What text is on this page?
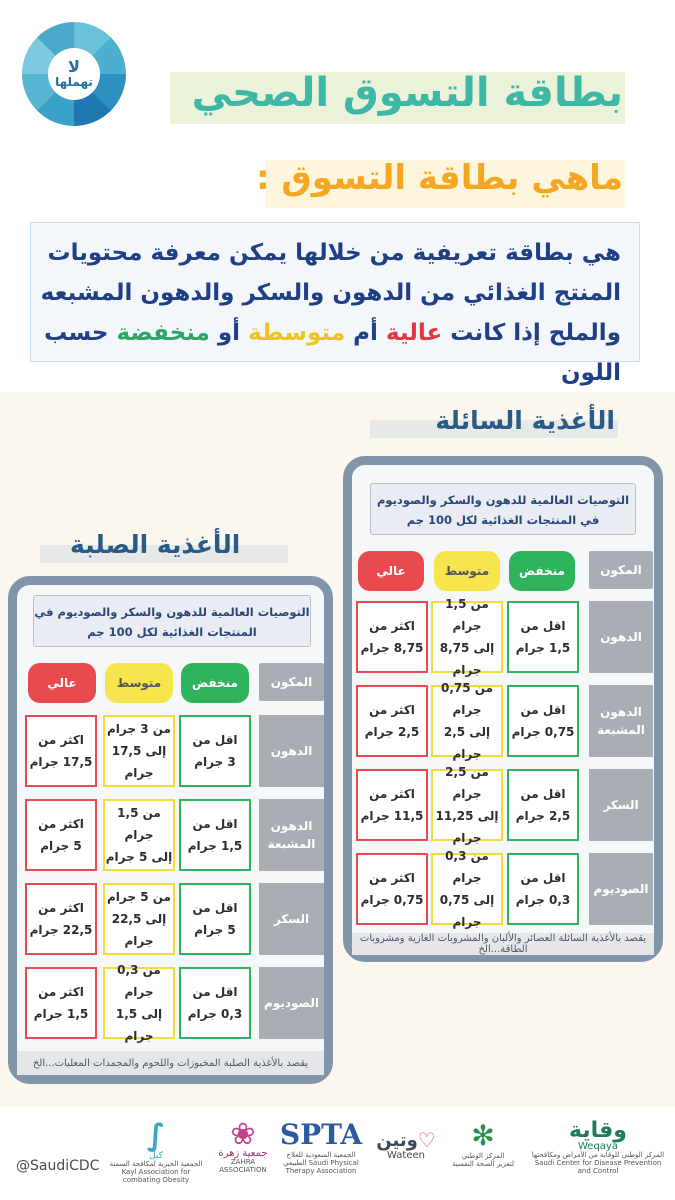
لا
تهملها بطاقة التسوق الصحي
ماهي بطاقة التسوق :

هي بطاقة تعريفية من خلالها يمكن معرفة محتويات المنتج الغذائي من الدهون والسكر والدهون المشبعه والملح إذا كانت عالية أم متوسطة أو منخفضة حسب اللون

الأغذية السائلة
الأغذية الصلبة
التوصيات العالمية للدهون والسكر والصوديوم في المنتجات الغذائية لكل 100 جم
المكون
منخفض
متوسط
عالي
الدهون
اقل من
1,5 جرام
من 1,5 جرام
إلى 8,75 جرام
اكثر من
8,75 جرام
الدهون المشبعة
اقل من
0,75 جرام
من 0,75 جرام
إلى 2,5 جرام
اكثر من
2,5 جرام
السكر
اقل من
2,5 جرام
من 2,5 جرام
إلى 11,25 جرام
اكثر من
11,5 جرام
الصوديوم
اقل من
0,3 جرام
من 0,3 جرام
إلى 0,75 جرام
اكثر من
0,75 جرام
يقصد بالأغذية السائلة العصائر والألبان والمشروبات الغازية ومشروبات الطاقة...الخ
التوصيات العالمية للدهون والسكر والصوديوم في المنتجات الغذائية لكل 100 جم
المكون
منخفض
متوسط
عالي
الدهون
اقل من
3 جرام
من 3 جرام
إلى 17,5 جرام
اكثر من
17,5 جرام
الدهون المشبعة
اقل من
1,5 جرام
من 1,5 جرام
إلى 5 جرام
اكثر من
5 جرام
السكر
اقل من
5 جرام
من 5 جرام
إلى 22,5 جرام
اكثر من
22,5 جرام
الصوديوم
اقل من
0,3 جرام
من 0,3 جرام
إلى 1,5 جرام
اكثر من
1,5 جرام
يقصد بالأغذية الصلبة المخبوزات واللحوم والمجمدات المعلبات...الخ
@SaudiCDC
وقاية
Weqaya
المركز الوطني للوقاية من الأمراض ومكافحتها Saudi Center for Disease Prevention and Control
✻
المركز الوطني
لتعزيز الصحة النفسية
وتين ♡
Wateen
SPTA
الجمعية السعودية للعلاج الطبيعي Saudi Physical Therapy Association
❀
جمعية زهرة
ZAHRA ASSOCIATION
∫
كيل
الجمعية الخيرية لمكافحة السمنة Kayl Association for combating Obesity
